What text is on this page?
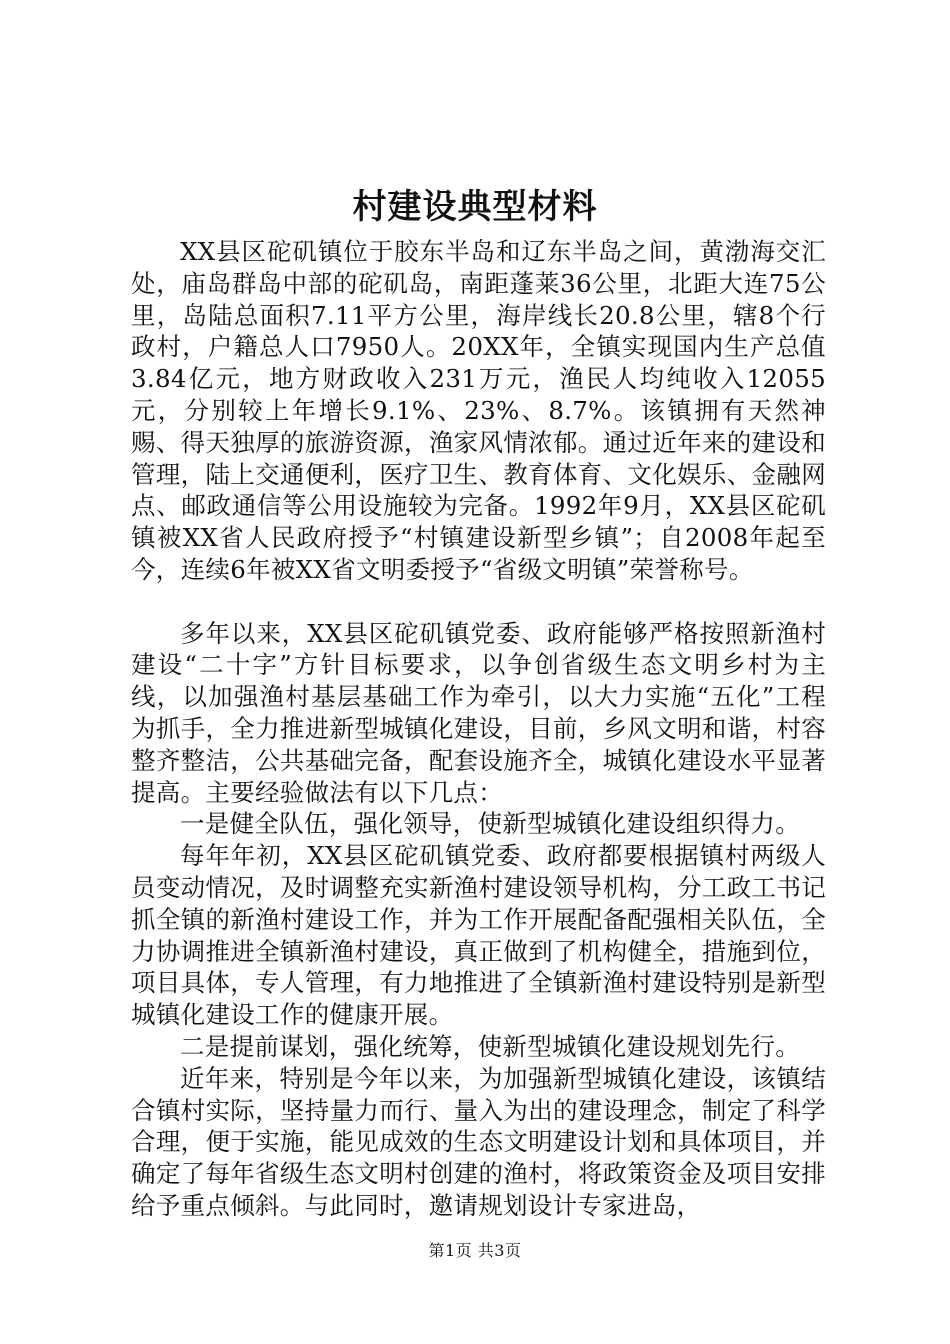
村建设典型材料

XX县区砣矶镇位于胶东半岛和辽东半岛之间，黄渤海交汇处，庙岛群岛中部的砣矶岛，南距蓬莱36公里，北距大连75公里，岛陆总面积7.11平方公里，海岸线长20.8公里，辖8个行政村，户籍总人口7950人。20XX年，全镇实现国内生产总值3.84亿元，地方财政收入231万元，渔民人均纯收入12055元，分别较上年增长9.1%、23%、8.7%。该镇拥有天然神赐、得天独厚的旅游资源，渔家风情浓郁。通过近年来的建设和管理，陆上交通便利，医疗卫生、教育体育、文化娱乐、金融网点、邮政通信等公用设施较为完备。1992年9月，XX县区砣矶镇被XX省人民政府授予“村镇建设新型乡镇”；自2008年起至今，连续6年被XX省文明委授予“省级文明镇”荣誉称号。

多年以来，XX县区砣矶镇党委、政府能够严格按照新渔村建设“二十字”方针目标要求，以争创省级生态文明乡村为主线，以加强渔村基层基础工作为牵引，以大力实施“五化”工程为抓手，全力推进新型城镇化建设，目前，乡风文明和谐，村容整齐整洁，公共基础完备，配套设施齐全，城镇化建设水平显著提高。主要经验做法有以下几点：

一是健全队伍，强化领导，使新型城镇化建设组织得力。

每年年初，XX县区砣矶镇党委、政府都要根据镇村两级人员变动情况，及时调整充实新渔村建设领导机构，分工政工书记抓全镇的新渔村建设工作，并为工作开展配备配强相关队伍，全力协调推进全镇新渔村建设，真正做到了机构健全，措施到位，项目具体，专人管理，有力地推进了全镇新渔村建设特别是新型城镇化建设工作的健康开展。

二是提前谋划，强化统筹，使新型城镇化建设规划先行。

近年来，特别是今年以来，为加强新型城镇化建设，该镇结合镇村实际，坚持量力而行、量入为出的建设理念，制定了科学合理，便于实施，能见成效的生态文明建设计划和具体项目，并确定了每年省级生态文明村创建的渔村，将政策资金及项目安排给予重点倾斜。与此同时，邀请规划设计专家进岛，

第1页 共3页
